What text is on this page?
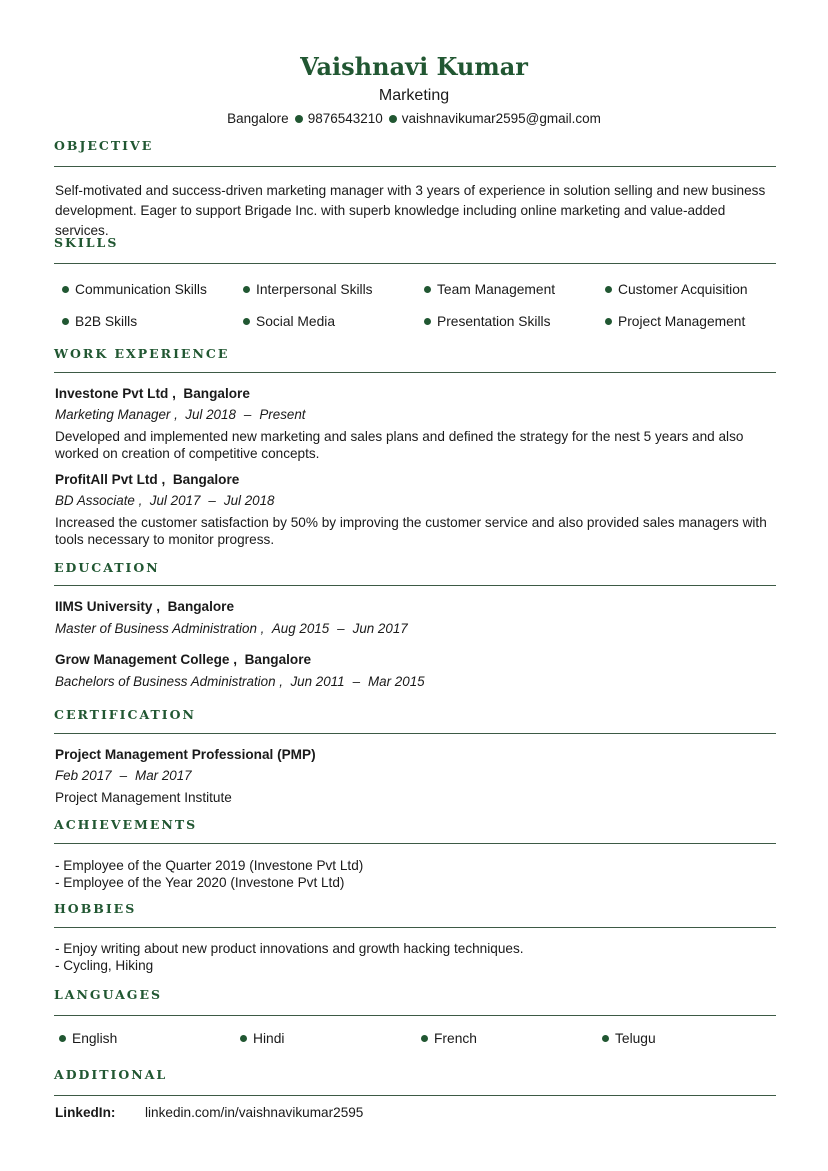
Vaishnavi Kumar
Marketing
Bangalore 9876543210 vaishnavikumar2595@gmail.com
OBJECTIVE
Self-motivated and success-driven marketing manager with 3 years of experience in solution selling and new business development. Eager to support Brigade Inc. with superb knowledge including online marketing and value-added services.
SKILLS
Communication Skills	Interpersonal Skills	Team Management	Customer Acquisition
B2B Skills	Social Media	Presentation Skills	Project Management
WORK EXPERIENCE
Investone Pvt Ltd ,  Bangalore
Marketing Manager ,  Jul 2018 – Present
Developed and implemented new marketing and sales plans and defined the strategy for the nest 5 years and also worked on creation of competitive concepts.
ProfitAll Pvt Ltd ,  Bangalore
BD Associate ,  Jul 2017 – Jul 2018
Increased the customer satisfaction by 50% by improving the customer service and also provided sales managers with tools necessary to monitor progress.
EDUCATION
IIMS University ,  Bangalore
Master of Business Administration ,  Aug 2015 – Jun 2017
Grow Management College ,  Bangalore
Bachelors of Business Administration ,  Jun 2011 – Mar 2015
CERTIFICATION
Project Management Professional (PMP)
Feb 2017 – Mar 2017
Project Management Institute
ACHIEVEMENTS
- Employee of the Quarter 2019 (Investone Pvt Ltd)
- Employee of the Year 2020 (Investone Pvt Ltd)
HOBBIES
- Enjoy writing about new product innovations and growth hacking techniques.
- Cycling, Hiking
LANGUAGES
English	Hindi	French	Telugu
ADDITIONAL
LinkedIn: linkedin.com/in/vaishnavikumar2595
